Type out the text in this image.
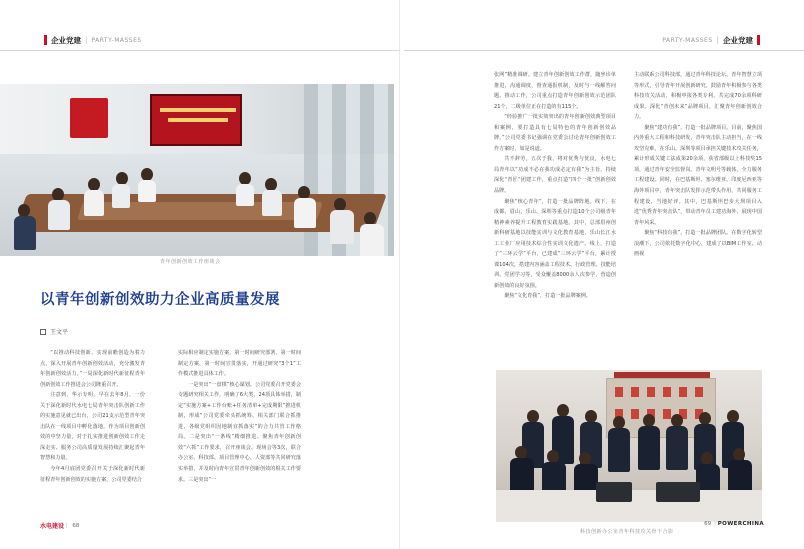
企业党建 | PARTY-MASSES
青年创新创效工作座谈会
以青年创新创效助力企业高质量发展
王文平

“以推动科技创新、实现前瞻创造为着力点，深入开展青年创新创效活动，充分激发青年创新创效活力。”一局深化新时代新征程青年创新创效工作推进会公司隆重召开。

注意到，华示专明，早在去年8月，一份关于深化新时代水电七局青年突击队创新工作的实施意见就已出台，公司21支示范型青年突击队在一线项目中孵化落地。作为项目创新创效的中坚力量，对于扎实推进创新创效工作走深走实、服务公司高质量发展持续汇聚起青年智慧和力量。

今年4月底团党委召开关于深化新时代新征程青年创新创效的实施方案，公司党委结合

实际相应制定实施方案，第一时间研究部署，第一时间制定方案，第一时间宣贯落实，开通过研究“3个1”工作模式推进具体工作。

一是突出“一盘棋”核心谋划。公司党委召开党委会专题研究相关工作，明确了6大类、24项具体举措，制定“实施方案+工作台账+任务清单+完成期限”推进机制，形成“公司党委牵头抓统筹、相关部门联合抓推进、各级党组织因地制宜抓落实”的合力共管工作格局。二是突出“一条线”精细推进。聚焦青年创新创效“六抓”工作要求，召开座谈会、现场会等3次，联合办公室、科技部、项目管理中心、人资部等共同研究落实举措，并及时向青年宣贯青年创新创效的相关工作要求。三是突出“一

水电建设 | 68
PARTY-MASSES | 企业党建

张网”精准调研。建立青年创新创效工作群，随坐诊单推进，沟通调度，督查通报机制，及时与一线解答问题、推动工作，公司重点打造青年创新创效示范团队21个，二级单位正在打造的有115个。

“经验推广一批实效突出的青年创新创效典型项目和案例，要打造具有七局特色的青年创新创效品牌。”公司党委书记强调在党委会讨论青年创新创效工作方案时，如是说道。

共不辞劳，五次于我，将对优秀与优良，水电七局青年以“功成不必在我功成必定有我”为主旨，持续深化“青匠”团建工作，重点打造“四个一批”创新创效品牌。

聚焦“核心青年”，打造一批品牌阵地。线下，在成都、眉山、乐山、深圳等重点打造10个公司级青年精神素养提升工程教育实践基地。其中，总部眉州创新科研基地以技能实训与文化教育基地，乐山长江水工工业厂应用技术综合性实训文化遗产。线上，打造了“三环云学”平台，已建成“三环云学”平台，累计授课104次，搭建内容涵盖工程技术、行政管理、技能培训、党团学习等，受众覆盖8000余人次参学，营造创新创效的良好氛围。

聚焦“文化育我”，打造一批品牌案例。

主动联系公司科技部，通过青年科技论坛、青年智慧立项等形式，引导青年开展创新研究。鼓励青年积极参与各类科技攻关活动，积极申报各类专利，共完成70余项科研成果。深化“青创未来”品牌项目，汇聚青年创新创效合力。

聚焦“建功有我”，打造一批品牌项目。目前，聚焦国内外重大工程和科技研发，青年突击队主动担当，在一线攻坚克难，在乐山、深圳等项目承担关键技术攻关任务，累计形成关键工法成果20余项，获省部级以上科技奖15项，通过青年安全监督岗、青年文明号等载体，全力服务工程建设。同时，在巴基斯坦、塞尔维亚、印度尼西亚等海外项目中，青年突击队发挥示范带头作用，共同服务工程建设，当地好评。其中，巴基斯坦巴步大坝项目入选“优秀青年突击队”，带动青年员工建功海外，展现中国青年风采。

聚焦“科技有我”，打造一批品牌团队。在数字化转型浪潮下，公司依托数字化中心，建成了以BIM工作室、动画视

科技创新办公室青年科技攻关骨干合影
69 | POWERCHINA
